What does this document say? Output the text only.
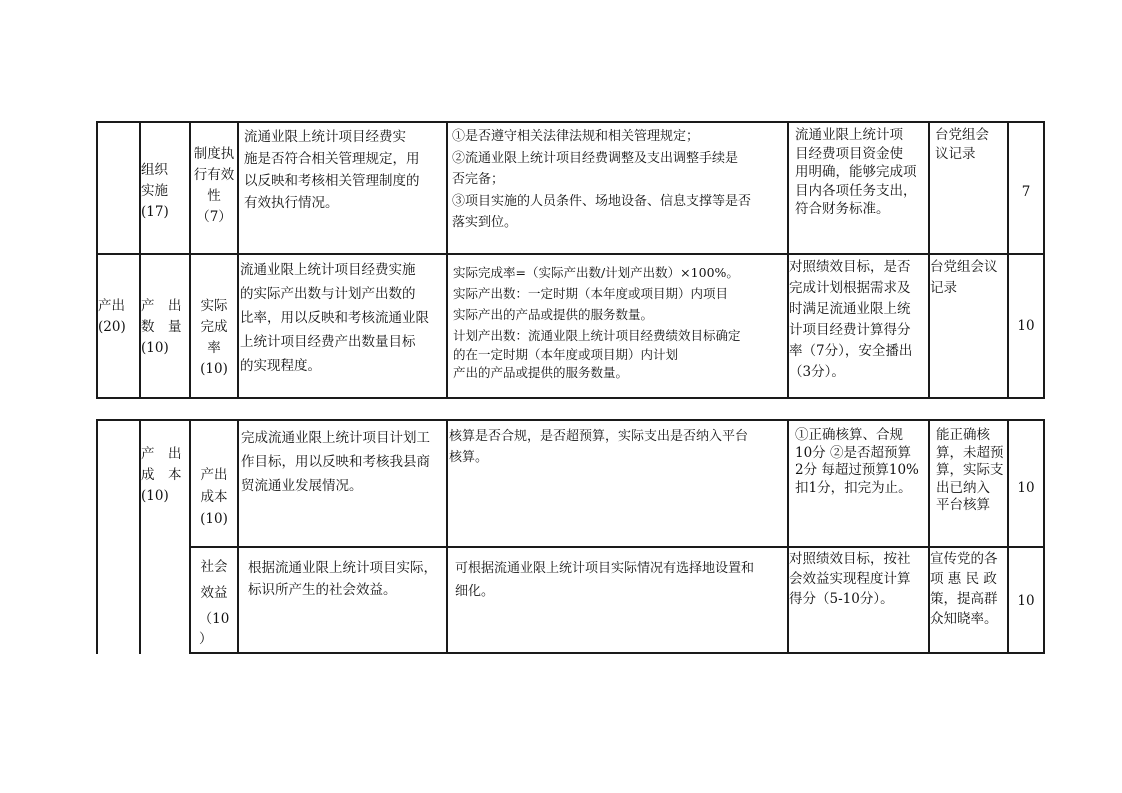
组织
实施
(17)
制度执
行有效
性
（7）
流通业限上统计项目经费实
施是否符合相关管理规定，用
以反映和考核相关管理制度的
有效执行情况。
①是否遵守相关法律法规和相关管理规定；
②流通业限上统计项目经费调整及支出调整手续是
否完备；
③项目实施的人员条件、场地设备、信息支撑等是否
落实到位。
流通业限上统计项
目经费项目资金使
用明确，能够完成项
目内各项任务支出，
符合财务标准。
台党组会
议记录
7
产出
(20)
产　出
数　量
(10)
实际
完成
率
(10)
流通业限上统计项目经费实施
的实际产出数与计划产出数的
比率，用以反映和考核流通业限
上统计项目经费产出数量目标
的实现程度。
实际完成率=（实际产出数/计划产出数）×100%。
实际产出数：一定时期（本年度或项目期）内项目
实际产出的产品或提供的服务数量。
计划产出数：流通业限上统计项目经费绩效目标确定
的在一定时期（本年度或项目期）内计划
产出的产品或提供的服务数量。
对照绩效目标，是否
完成计划根据需求及
时满足流通业限上统
计项目经费计算得分
率（7分），安全播出
（3分）。
台党组会议
记录
10
产　出
成　本
(10)
产出
成本
(10)
完成流通业限上统计项目计划工
作目标，用以反映和考核我县商
贸流通业发展情况。
核算是否合规，是否超预算，实际支出是否纳入平台
核算。
①正确核算、合规
10分 ②是否超预算
2分 每超过预算10%
扣1分，扣完为止。
能正确核
算，未超预
算，实际支
出已纳入
平台核算
10
社会
效益
（10
）
根据流通业限上统计项目实际，
标识所产生的社会效益。
可根据流通业限上统计项目实际情况有选择地设置和
细化。
对照绩效目标，按社
会效益实现程度计算
得分（5-10分）。
宣传党的各
项 惠 民 政
策，提高群
众知晓率。
10
